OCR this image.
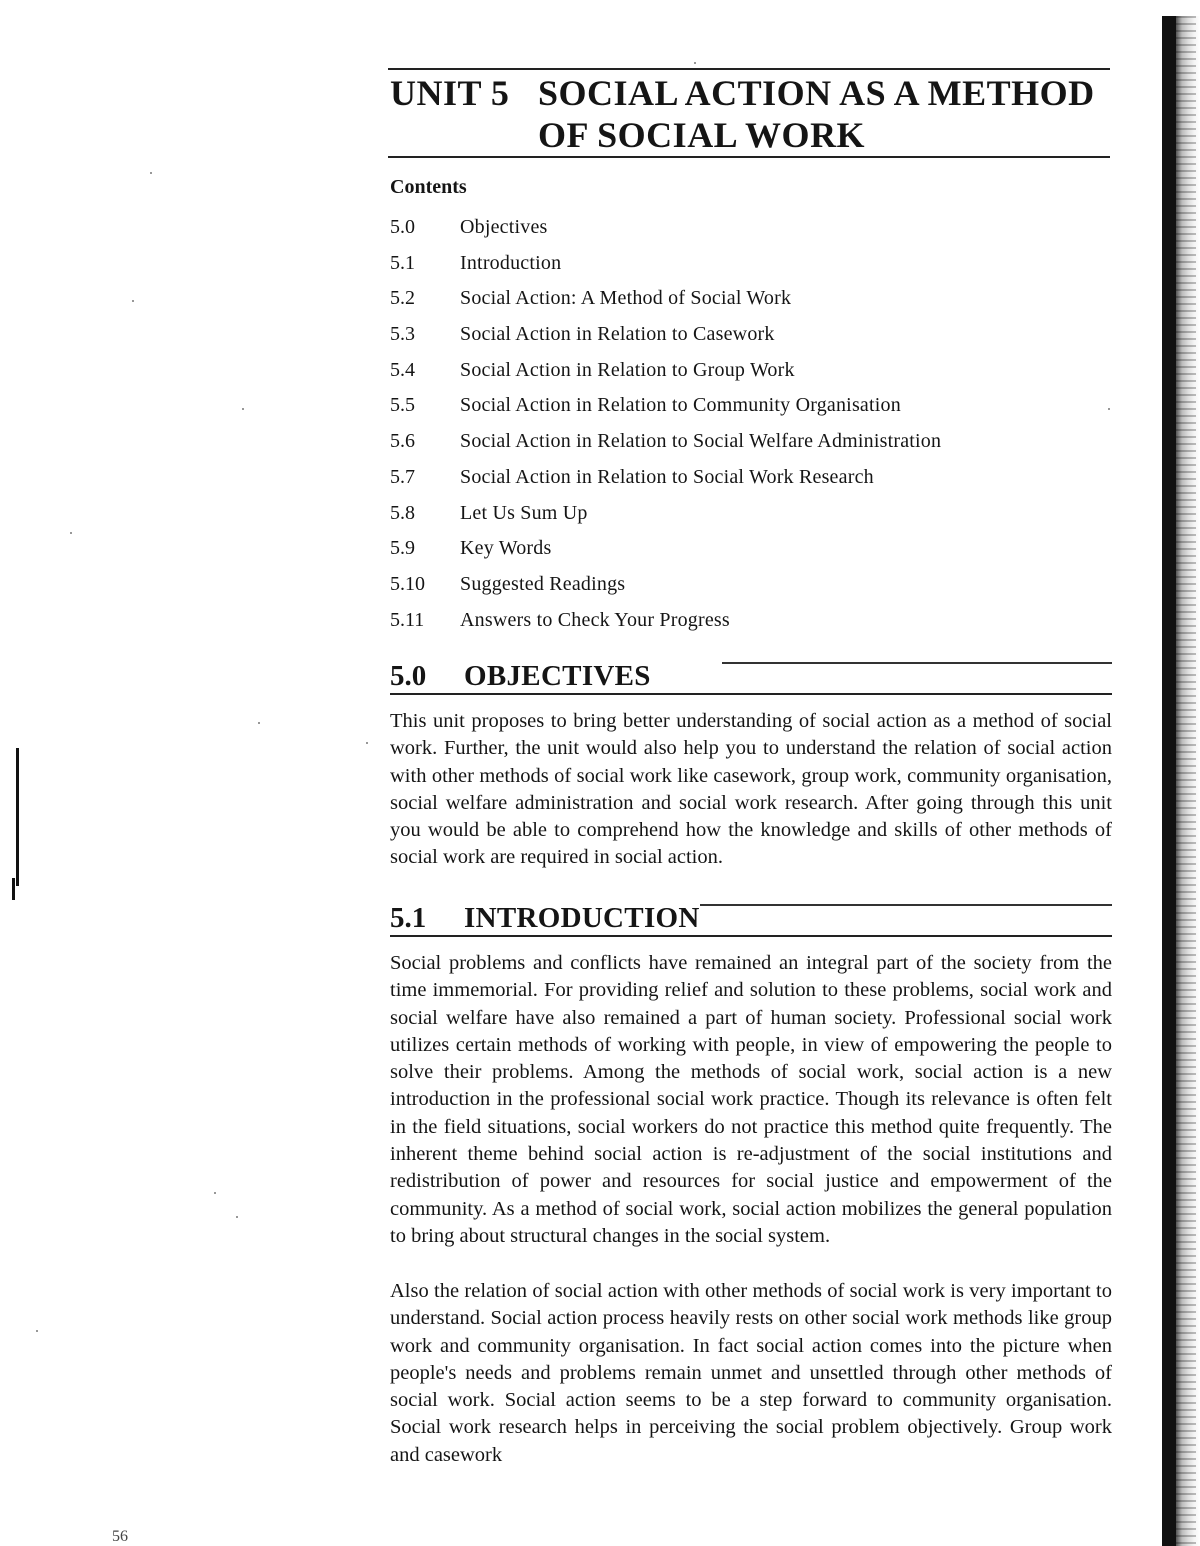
UNIT 5 SOCIAL ACTION AS A METHOD OF SOCIAL WORK
Contents
5.0 Objectives
5.1 Introduction
5.2 Social Action: A Method of Social Work
5.3 Social Action in Relation to Casework
5.4 Social Action in Relation to Group Work
5.5 Social Action in Relation to Community Organisation
5.6 Social Action in Relation to Social Welfare Administration
5.7 Social Action in Relation to Social Work Research
5.8 Let Us Sum Up
5.9 Key Words
5.10 Suggested Readings
5.11 Answers to Check Your Progress
5.0 OBJECTIVES

This unit proposes to bring better understanding of social action as a method of social work. Further, the unit would also help you to understand the relation of social action with other methods of social work like casework, group work, community organisation, social welfare administration and social work research. After going through this unit you would be able to comprehend how the knowledge and skills of other methods of social work are required in social action.

5.1 INTRODUCTION

Social problems and conflicts have remained an integral part of the society from the time immemorial. For providing relief and solution to these problems, social work and social welfare have also remained a part of human society. Professional social work utilizes certain methods of working with people, in view of empowering the people to solve their problems. Among the methods of social work, social action is a new introduction in the professional social work practice. Though its relevance is often felt in the field situations, social workers do not practice this method quite frequently. The inherent theme behind social action is re-adjustment of the social institutions and redistribution of power and resources for social justice and empowerment of the community. As a method of social work, social action mobilizes the general population to bring about structural changes in the social system.

Also the relation of social action with other methods of social work is very important to understand. Social action process heavily rests on other social work methods like group work and community organisation. In fact social action comes into the picture when people's needs and problems remain unmet and unsettled through other methods of social work. Social action seems to be a step forward to community organisation. Social work research helps in perceiving the social problem objectively. Group work and casework

56
